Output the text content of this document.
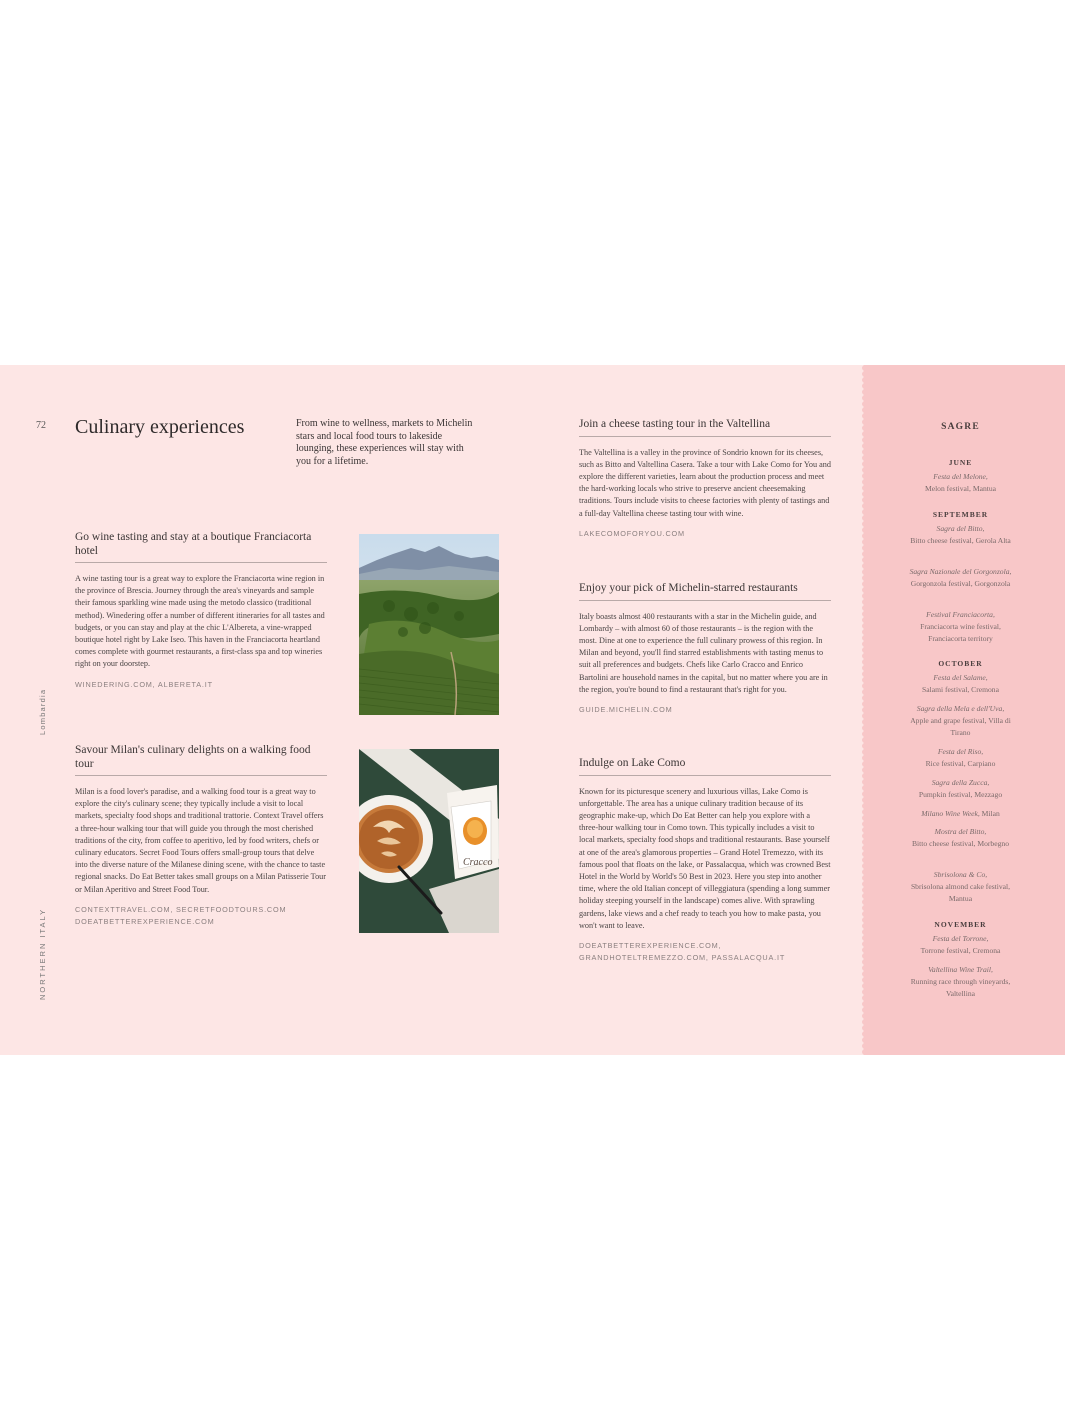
72
Lombardia
NORTHERN ITALY
Culinary experiences	From wine to wellness, markets to Michelin stars and local food tours to lakeside lounging, these experiences will stay with you for a lifetime.
Go wine tasting and stay at a boutique Franciacorta hotel

A wine tasting tour is a great way to explore the Franciacorta wine region in the province of Brescia. Journey through the area's vineyards and sample their famous sparkling wine made using the metodo classico (traditional method). Winedering offer a number of different itineraries for all tastes and budgets, or you can stay and play at the chic L'Albereta, a vine-wrapped boutique hotel right by Lake Iseo. This haven in the Franciacorta heartland comes complete with gourmet restaurants, a first-class spa and top wineries right on your doorstep.

WINEDERING.COM, ALBERETA.IT
Savour Milan's culinary delights on a walking food tour

Milan is a food lover's paradise, and a walking food tour is a great way to explore the city's culinary scene; they typically include a visit to local markets, specialty food shops and traditional trattorie. Context Travel offers a three-hour walking tour that will guide you through the most cherished traditions of the city, from coffee to aperitivo, led by food writers, chefs or culinary educators. Secret Food Tours offers small-group tours that delve into the diverse nature of the Milanese dining scene, with the chance to taste regional snacks. Do Eat Better takes small groups on a Milan Patisserie Tour or Milan Aperitivo and Street Food Tour.

CONTEXTTRAVEL.COM, SECRETFOODTOURS.COM
DOEATBETTEREXPERIENCE.COM
Cracco
Join a cheese tasting tour in the Valtellina

The Valtellina is a valley in the province of Sondrio known for its cheeses, such as Bitto and Valtellina Casera. Take a tour with Lake Como for You and explore the different varieties, learn about the production process and meet the hard-working locals who strive to preserve ancient cheesemaking traditions. Tours include visits to cheese factories with plenty of tastings and a full-day Valtellina cheese tasting tour with wine.

LAKECOMOFORYOU.COM
Enjoy your pick of Michelin-starred restaurants

Italy boasts almost 400 restaurants with a star in the Michelin guide, and Lombardy – with almost 60 of those restaurants – is the region with the most. Dine at one to experience the full culinary prowess of this region. In Milan and beyond, you'll find starred establishments with tasting menus to suit all preferences and budgets. Chefs like Carlo Cracco and Enrico Bartolini are household names in the capital, but no matter where you are in the region, you're bound to find a restaurant that's right for you.

GUIDE.MICHELIN.COM
Indulge on Lake Como

Known for its picturesque scenery and luxurious villas, Lake Como is unforgettable. The area has a unique culinary tradition because of its geographic make-up, which Do Eat Better can help you explore with a three-hour walking tour in Como town. This typically includes a visit to local markets, specialty food shops and traditional restaurants. Base yourself at one of the area's glamorous properties – Grand Hotel Tremezzo, with its famous pool that floats on the lake, or Passalacqua, which was crowned Best Hotel in the World by World's 50 Best in 2023. Here you step into another time, where the old Italian concept of villeggiatura (spending a long summer holiday steeping yourself in the landscape) comes alive. With sprawling gardens, lake views and a chef ready to teach you how to make pasta, you won't want to leave.

DOEATBETTEREXPERIENCE.COM,
GRANDHOTELTREMEZZO.COM, PASSALACQUA.IT
SAGRE
JUNE
Festa del Melone,
Melon festival, Mantua
SEPTEMBER
Sagra del Bitto,
Bitto cheese festival, Gerola Alta
Sagra Nazionale del Gorgonzola, Gorgonzola festival, Gorgonzola
Festival Franciacorta,
Franciacorta wine festival, Franciacorta territory
OCTOBER
Festa del Salame,
Salami festival, Cremona
Sagra della Mela e dell'Uva,
Apple and grape festival, Villa di Tirano
Festa del Riso,
Rice festival, Carpiano
Sagra della Zucca,
Pumpkin festival, Mezzago
Milano Wine Week, Milan
Mostra del Bitto,
Bitto cheese festival, Morbegno
Sbrisolona & Co,
Sbrisolona almond cake festival, Mantua
NOVEMBER
Festa del Torrone,
Torrone festival, Cremona
Valtellina Wine Trail,
Running race through vineyards, Valtellina
